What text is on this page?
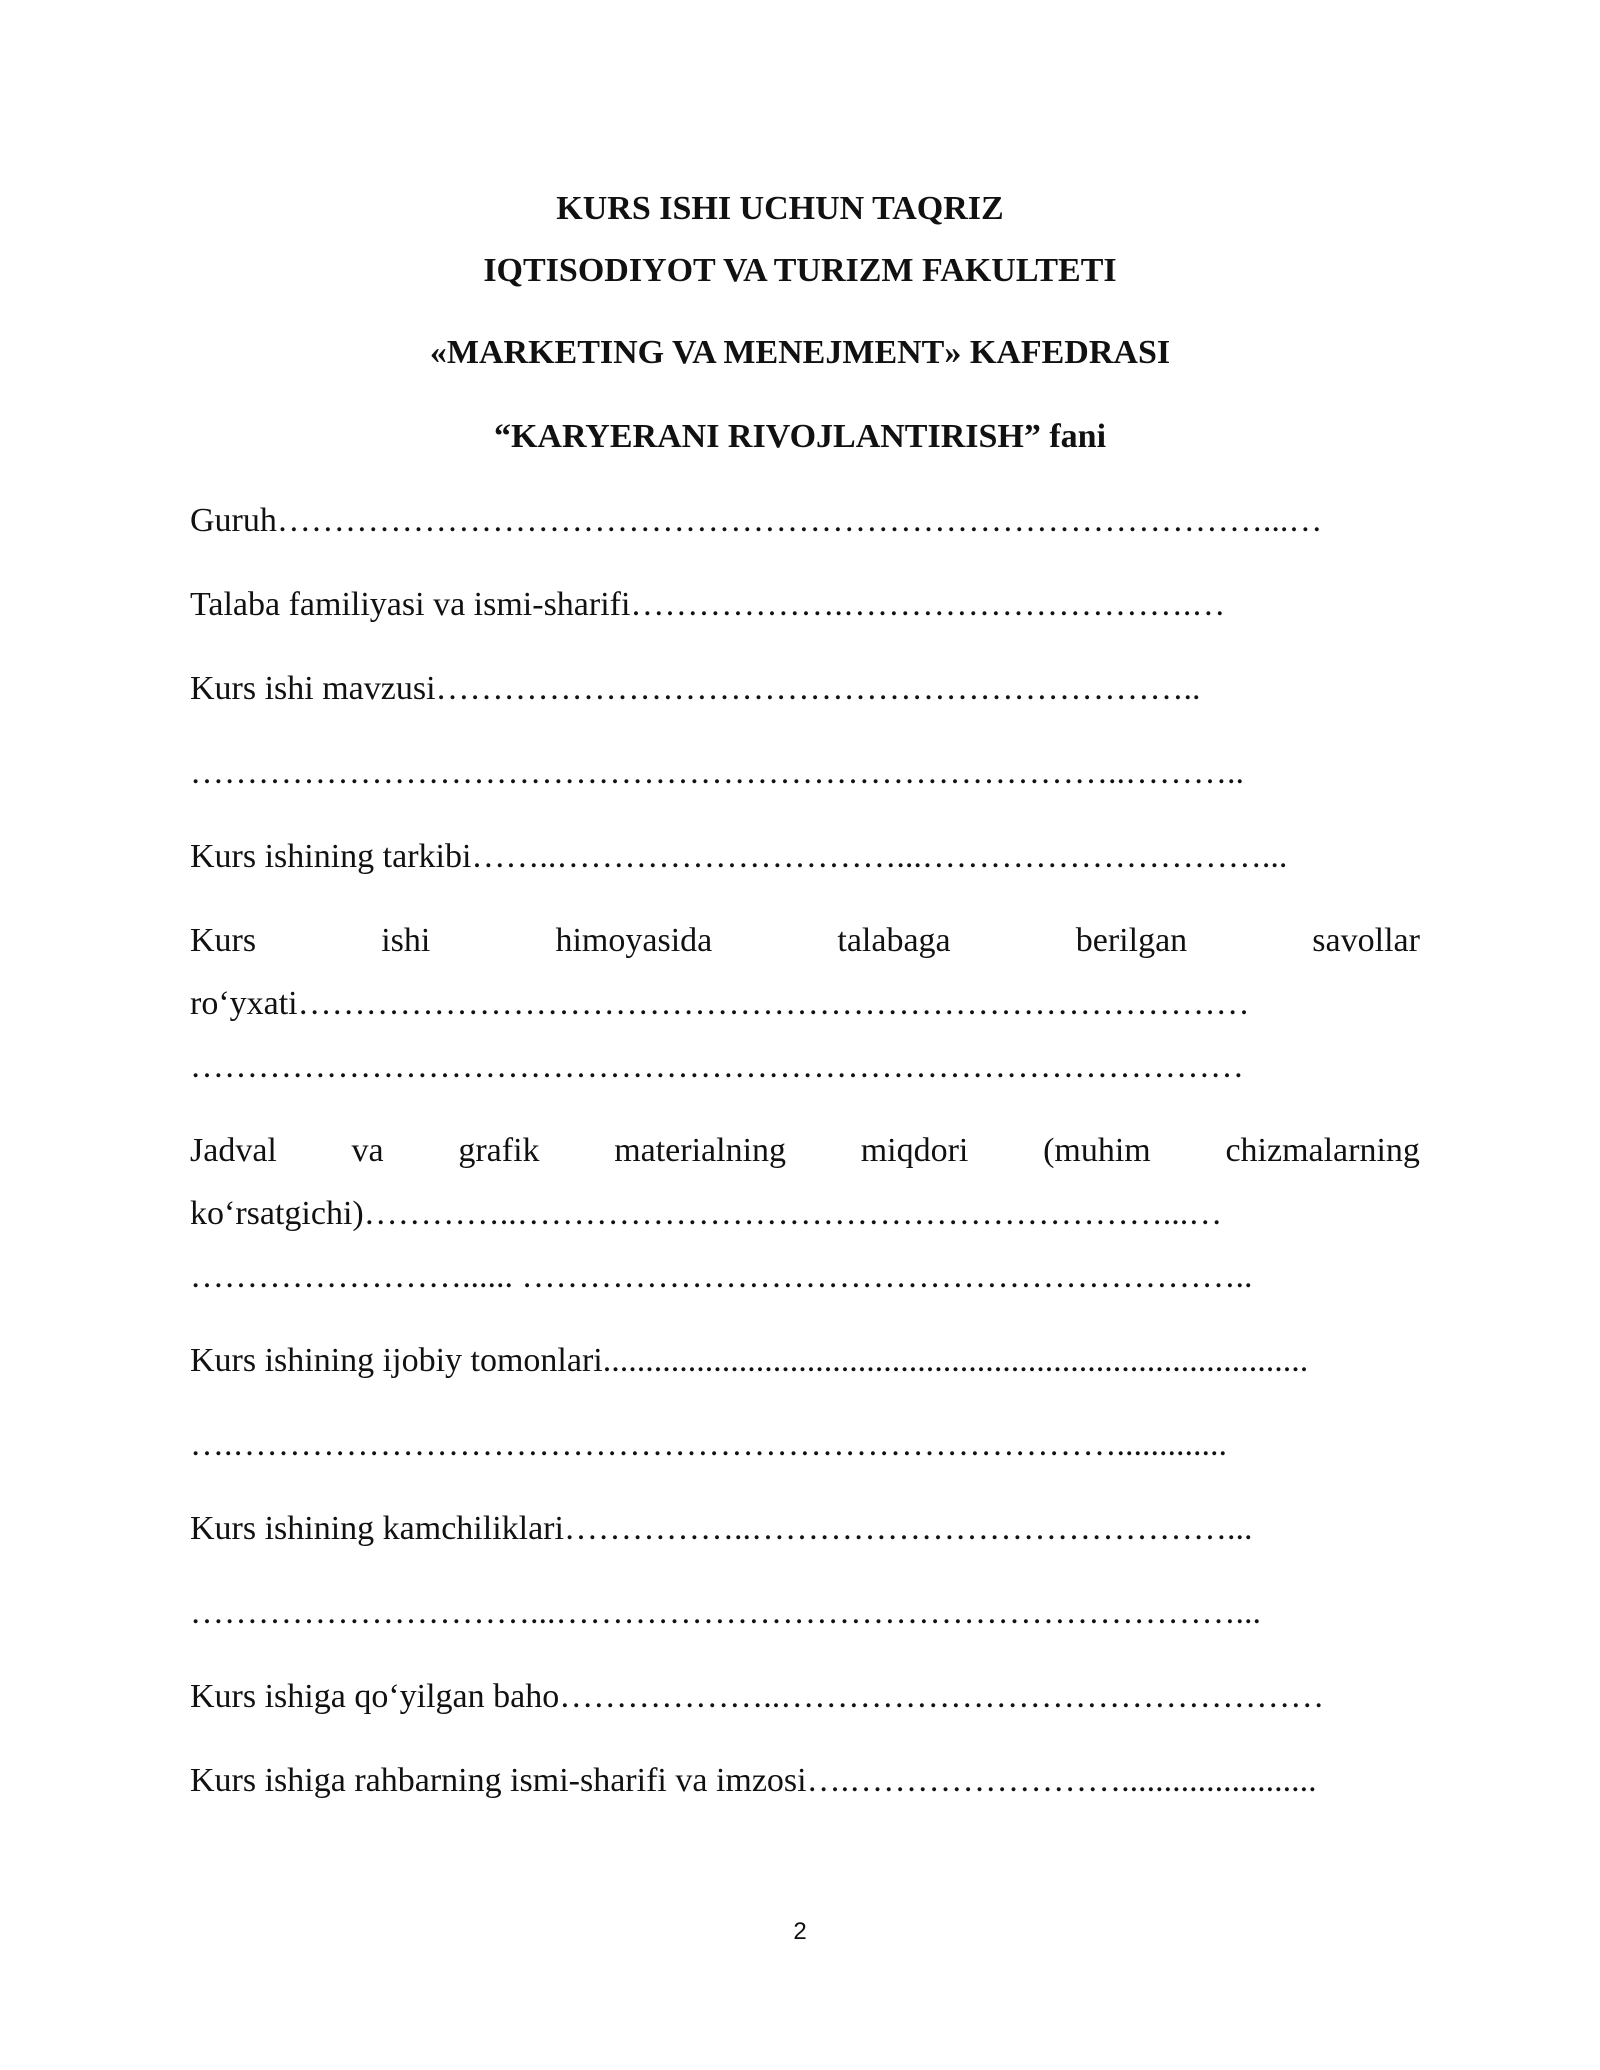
KURS ISHI UCHUN TAQRIZ
IQTISODIYOT VA TURIZM FAKULTETI
«MARKETING VA MENEJMENT» KAFEDRASI
“KARYERANI RIVOJLANTIRISH” fani
Guruh……………………………………………………………………………...…
Talaba familiyasi va ismi-sharifi……………….………………………….…
Kurs ishi mavzusi…………………………………………………………..
………………………………………………………………………..………..
Kurs ishining tarkibi……..…………………………...…………………………...
Kurs	ishi	himoyasida	talabaga	berilgan	savollar
ro‘yxati…………………………………………………………………………
…………………………………………………………………………………
Jadval va grafik materialning miqdori (muhim chizmalarning
ko‘rsatgichi)…………..…………………………………………………...…
……………………...... ………………………………………………………..
Kurs ishining ijobiy tomonlari...................................................................................
….…………………………………………………………………….............
Kurs ishining kamchiliklari……………..……………………………………...
…………………………...……………………………………………………...
Kurs ishiga qo‘yilgan baho………………..…………………………………………
Kurs ishiga rahbarning ismi-sharifi va imzosi….…………………….......................
2
